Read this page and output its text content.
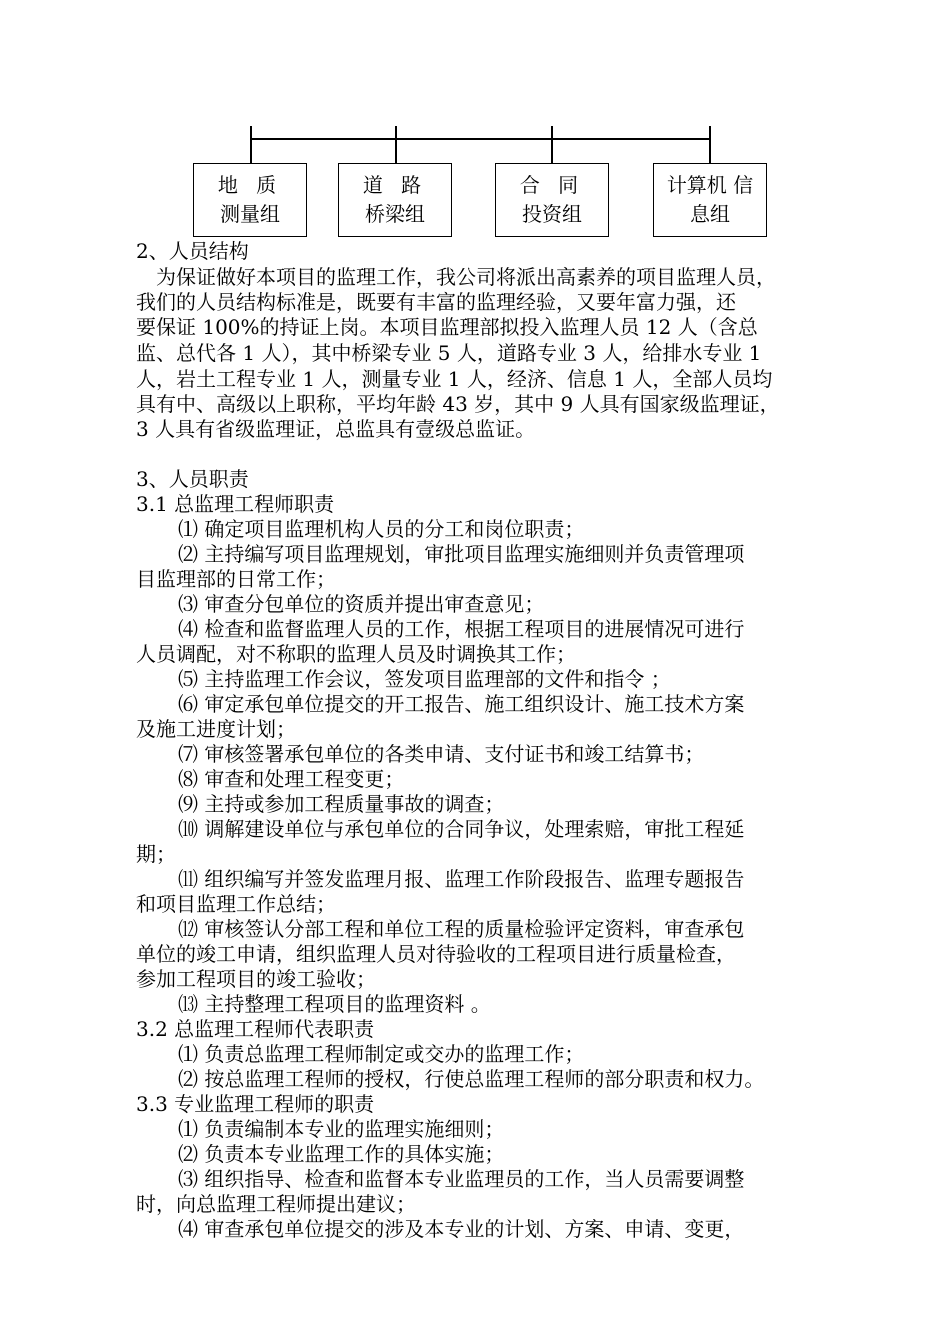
地 质
测量组
道 路
桥梁组
合 同
投资组
计算机 信
息组
2、人员结构
　为保证做好本项目的监理工作，我公司将派出高素养的项目监理人员，
我们的人员结构标准是，既要有丰富的监理经验，又要年富力强，还
要保证 100%的持证上岗。本项目监理部拟投入监理人员 12 人（含总
监、总代各 1 人），其中桥梁专业 5 人，道路专业 3 人，给排水专业 1
人，岩土工程专业 1 人，测量专业 1 人，经济、信息 1 人，全部人员均
具有中、高级以上职称，平均年龄 43 岁，其中 9 人具有国家级监理证，
3 人具有省级监理证，总监具有壹级总监证。
3、人员职责
3.1 总监理工程师职责
⑴ 确定项目监理机构人员的分工和岗位职责；
⑵ 主持编写项目监理规划，审批项目监理实施细则并负责管理项
目监理部的日常工作；
⑶ 审查分包单位的资质并提出审查意见；
⑷ 检查和监督监理人员的工作，根据工程项目的进展情况可进行
人员调配，对不称职的监理人员及时调换其工作；
⑸ 主持监理工作会议，签发项目监理部的文件和指令 ；
⑹ 审定承包单位提交的开工报告、施工组织设计、施工技术方案
及施工进度计划；
⑺ 审核签署承包单位的各类申请、支付证书和竣工结算书；
⑻ 审查和处理工程变更；
⑼ 主持或参加工程质量事故的调查；
⑽ 调解建设单位与承包单位的合同争议，处理索赔，审批工程延
期；
⑾ 组织编写并签发监理月报、监理工作阶段报告、监理专题报告
和项目监理工作总结；
⑿ 审核签认分部工程和单位工程的质量检验评定资料，审查承包
单位的竣工申请，组织监理人员对待验收的工程项目进行质量检查，
参加工程项目的竣工验收；
⒀ 主持整理工程项目的监理资料 。
3.2 总监理工程师代表职责
⑴ 负责总监理工程师制定或交办的监理工作；
⑵ 按总监理工程师的授权，行使总监理工程师的部分职责和权力。
3.3 专业监理工程师的职责
⑴ 负责编制本专业的监理实施细则；
⑵ 负责本专业监理工作的具体实施；
⑶ 组织指导、检查和监督本专业监理员的工作，当人员需要调整
时，向总监理工程师提出建议；
⑷ 审查承包单位提交的涉及本专业的计划、方案、申请、变更，
